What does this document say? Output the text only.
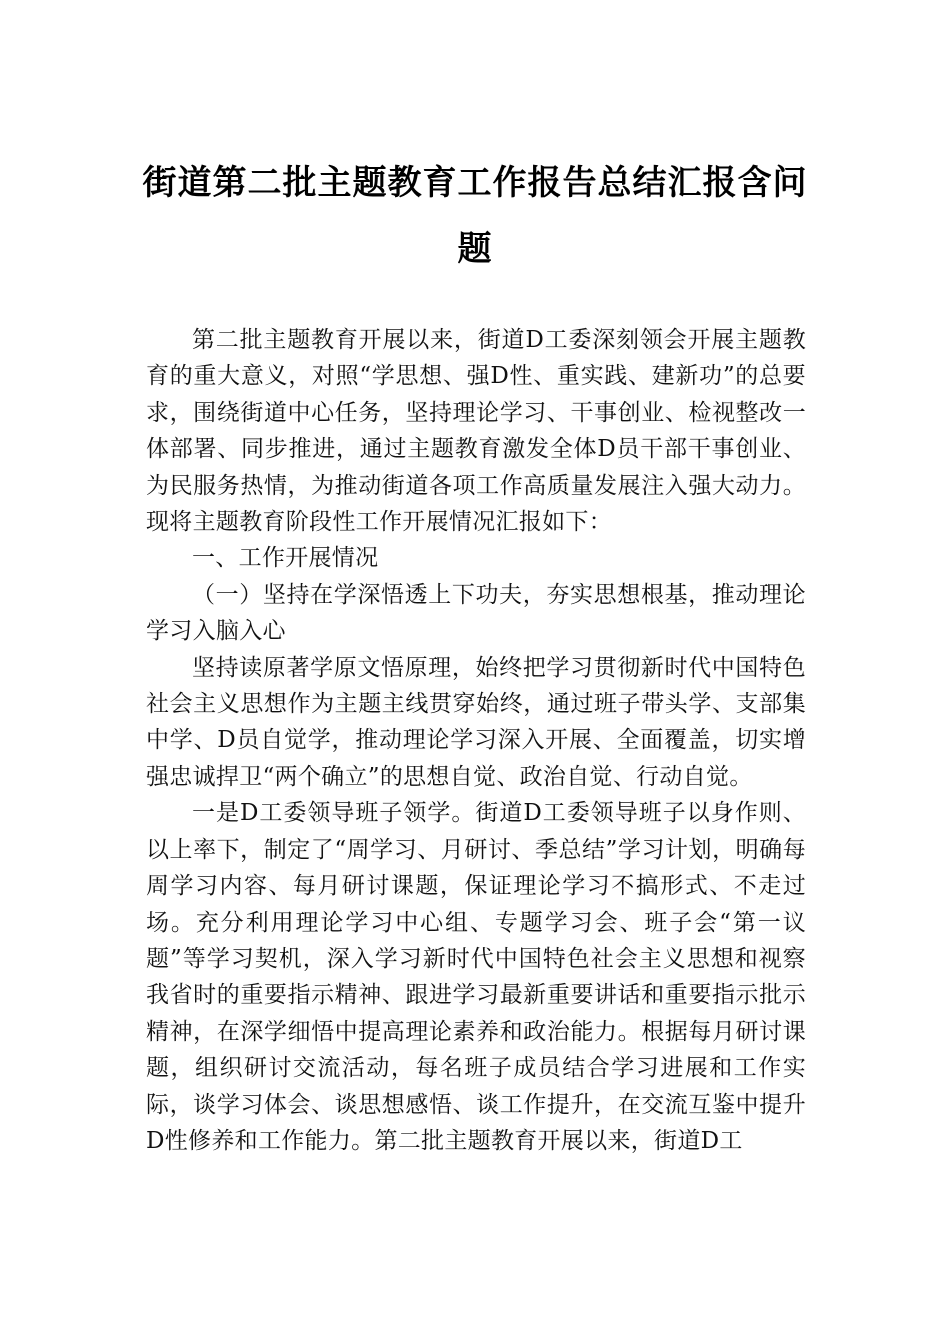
街道第二批主题教育工作报告总结汇报含问题

第二批主题教育开展以来，街道D工委深刻领会开展主题教育的重大意义，对照“学思想、强D性、重实践、建新功”的总要求，围绕街道中心任务，坚持理论学习、干事创业、检视整改一体部署、同步推进，通过主题教育激发全体D员干部干事创业、为民服务热情，为推动街道各项工作高质量发展注入强大动力。现将主题教育阶段性工作开展情况汇报如下：

一、工作开展情况
（一）坚持在学深悟透上下功夫，夯实思想根基，推动理论学习入脑入心

坚持读原著学原文悟原理，始终把学习贯彻新时代中国特色社会主义思想作为主题主线贯穿始终，通过班子带头学、支部集中学、D员自觉学，推动理论学习深入开展、全面覆盖，切实增强忠诚捍卫“两个确立”的思想自觉、政治自觉、行动自觉。

一是D工委领导班子领学。街道D工委领导班子以身作则、以上率下，制定了“周学习、月研讨、季总结”学习计划，明确每周学习内容、每月研讨课题，保证理论学习不搞形式、不走过场。充分利用理论学习中心组、专题学习会、班子会“第一议题”等学习契机，深入学习新时代中国特色社会主义思想和视察我省时的重要指示精神、跟进学习最新重要讲话和重要指示批示精神，在深学细悟中提高理论素养和政治能力。根据每月研讨课题，组织研讨交流活动，每名班子成员结合学习进展和工作实际，谈学习体会、谈思想感悟、谈工作提升，在交流互鉴中提升D性修养和工作能力。第二批主题教育开展以来，街道D工
